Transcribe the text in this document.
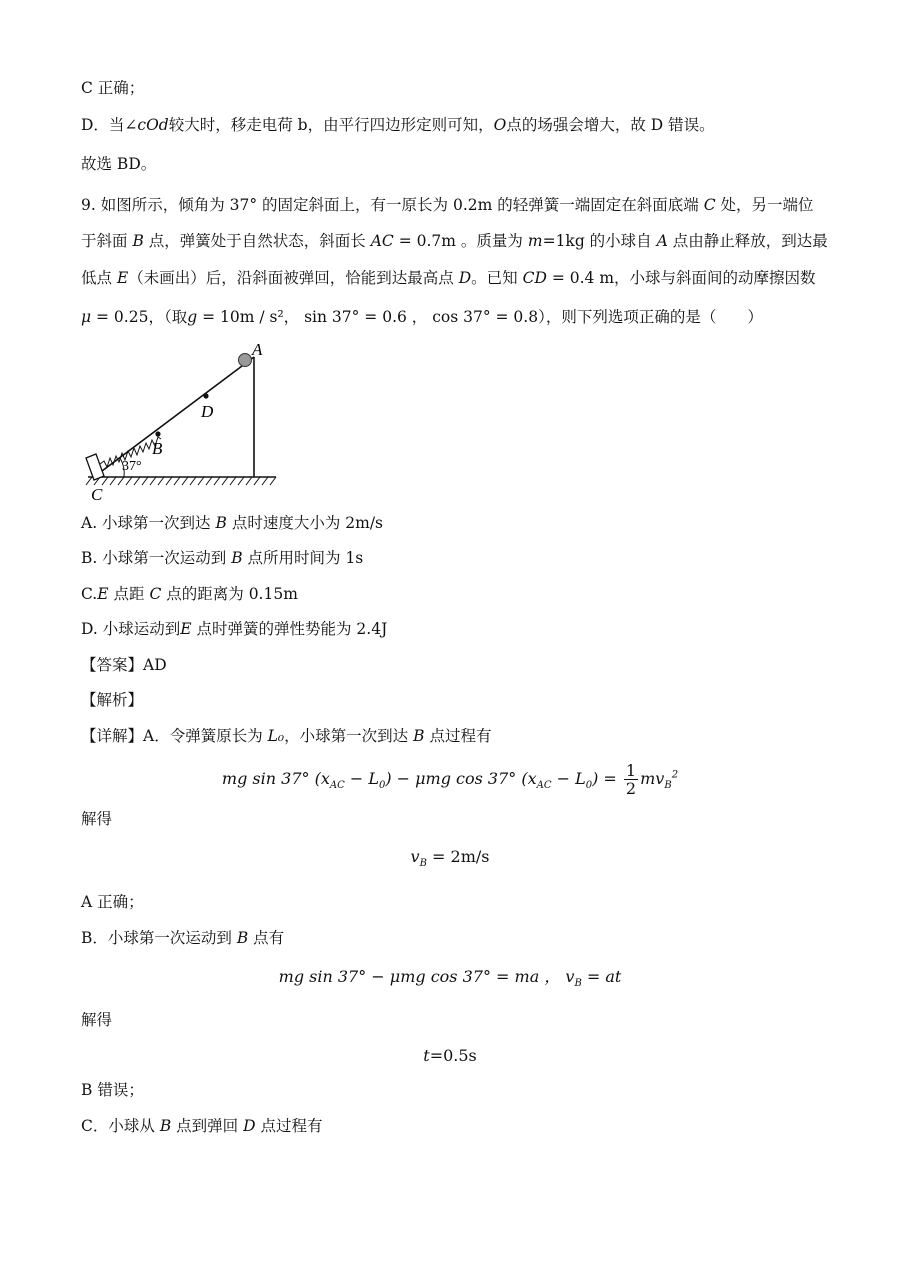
C 正确；
D．当∠cOd较大时，移走电荷 b，由平行四边形定则可知，O点的场强会增大，故 D 错误。
故选 BD。
9. 如图所示，倾角为 37° 的固定斜面上，有一原长为 0.2m 的轻弹簧一端固定在斜面底端 C 处，另一端位
于斜面 B 点，弹簧处于自然状态，斜面长 AC = 0.7m 。质量为 m=1kg 的小球自 A 点由静止释放，到达最
低点 E（未画出）后，沿斜面被弹回，恰能到达最高点 D。已知 CD = 0.4 m，小球与斜面间的动摩擦因数
μ = 0.25，（取g = 10m / s²， sin 37° = 0.6 ， cos 37° = 0.8），则下列选项正确的是（　　）
A
D
B
C
37°
A. 小球第一次到达 B 点时速度大小为 2m/s
B. 小球第一次运动到 B 点所用时间为 1s
C.E 点距 C 点的距离为 0.15m
D. 小球运动到E 点时弹簧的弹性势能为 2.4J
【答案】AD
【解析】
【详解】A．令弹簧原长为 L₀，小球第一次到达 B 点过程有
mg sin 37° $(x_{AC} - L_0) - \mu mg$ cos 37° $(x_{AC} - L_0) = \frac{1}{2} mv_B^2$
解得
$v_B = 2m/s$
A 正确；
B．小球第一次运动到 B 点有
mg sin 37° − μmg cos 37° = ma ， $v_B$ = at
解得
t=0.5s
B 错误；
C．小球从 B 点到弹回 D 点过程有
